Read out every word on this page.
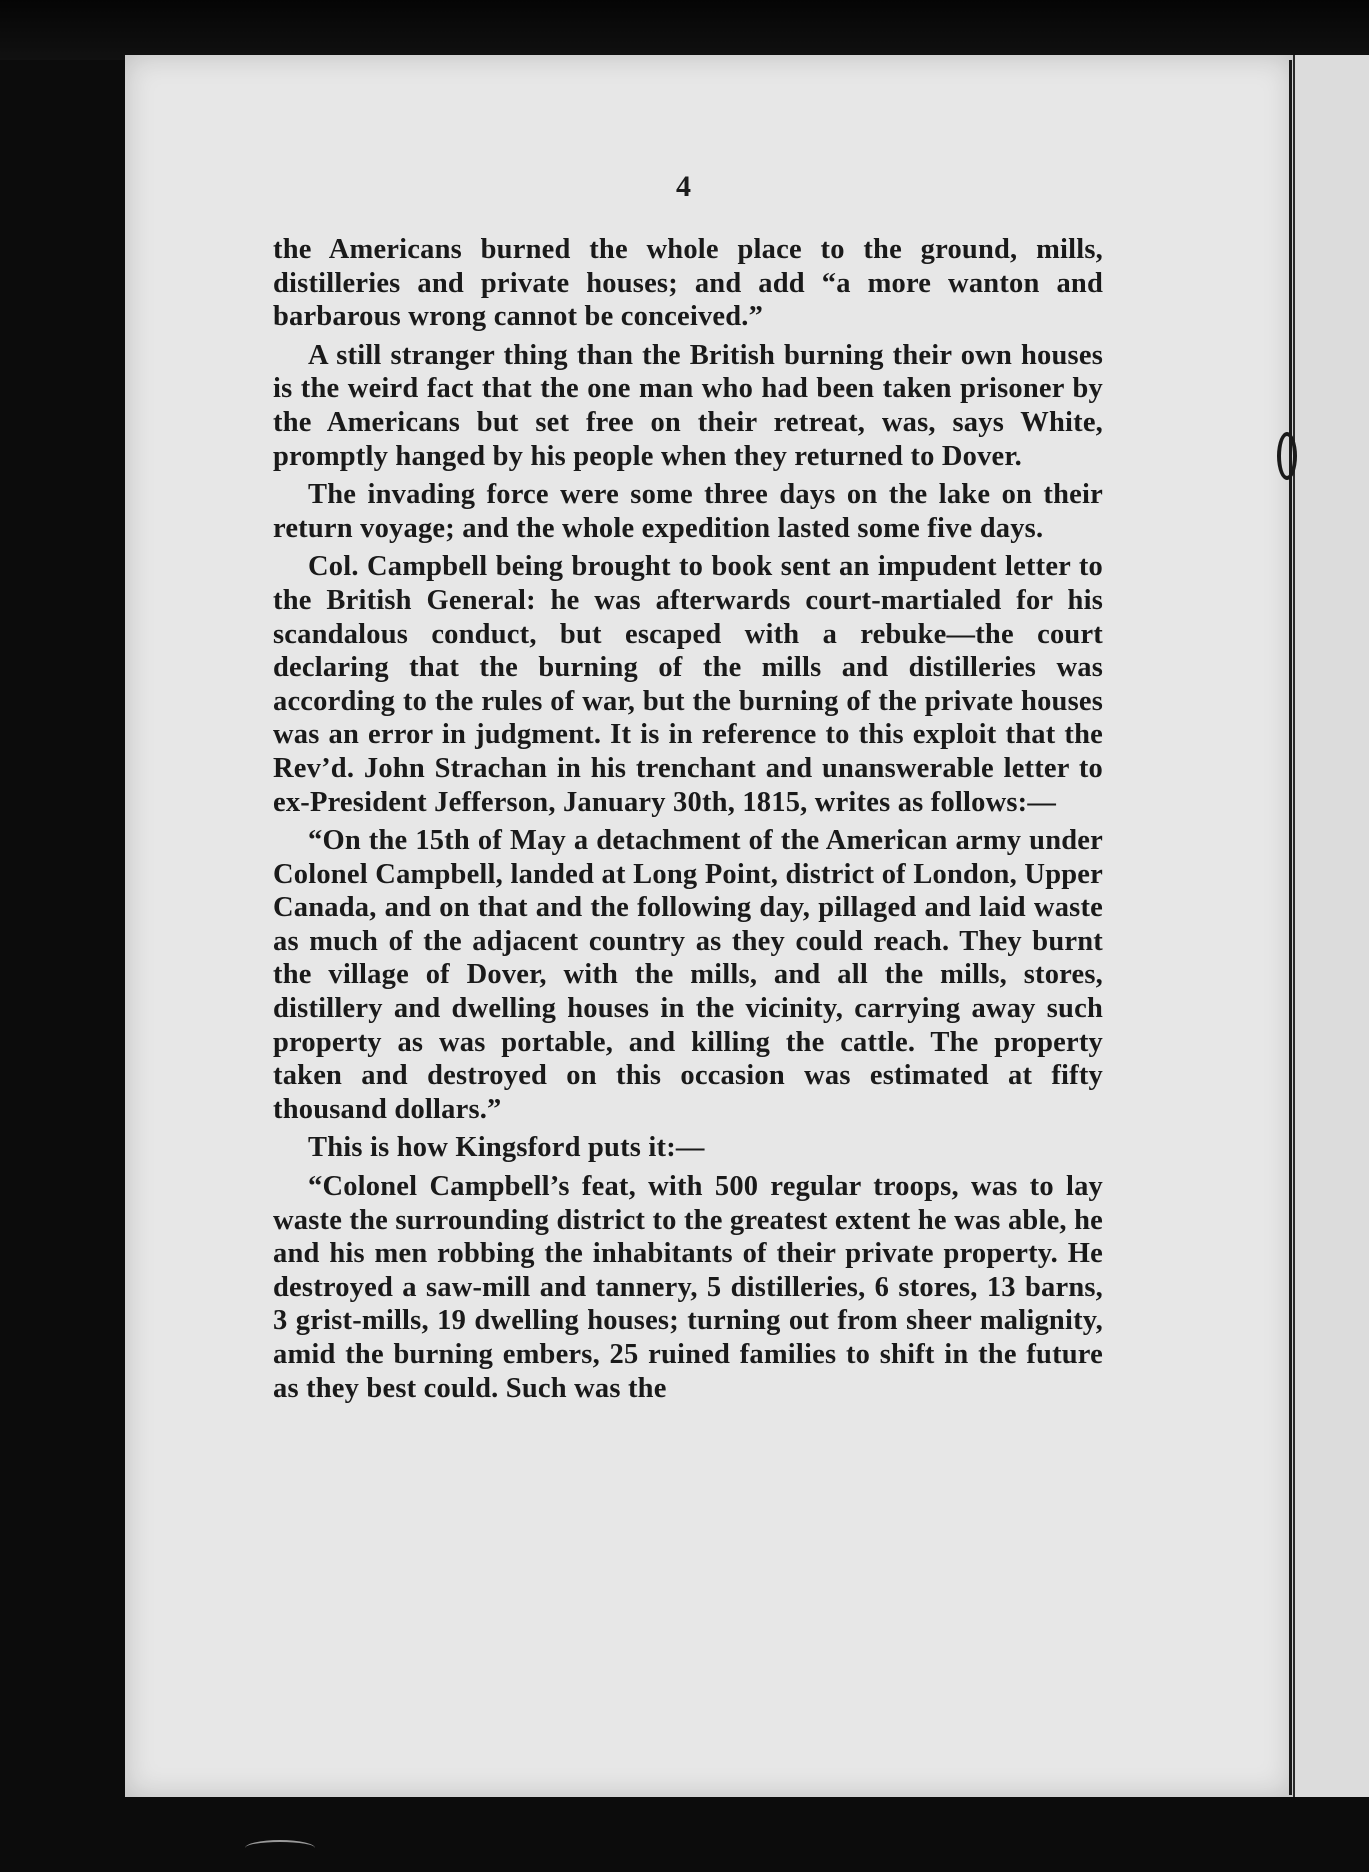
4

the Americans burned the whole place to the ground, mills, distilleries and private houses; and add “a more wanton and barbarous wrong cannot be conceived.”

A still stranger thing than the British burning their own houses is the weird fact that the one man who had been taken prisoner by the Americans but set free on their retreat, was, says White, promptly hanged by his people when they returned to Dover.

The invading force were some three days on the lake on their return voyage; and the whole expedition lasted some five days.

Col. Campbell being brought to book sent an impudent letter to the British General: he was afterwards court-martialed for his scandalous conduct, but escaped with a rebuke—the court declaring that the burning of the mills and distilleries was according to the rules of war, but the burning of the private houses was an error in judgment. It is in reference to this exploit that the Rev’d. John Strachan in his trenchant and unanswerable letter to ex-President Jefferson, January 30th, 1815, writes as follows:—

“On the 15th of May a detachment of the American army under Colonel Campbell, landed at Long Point, district of London, Upper Canada, and on that and the following day, pillaged and laid waste as much of the adjacent country as they could reach. They burnt the village of Dover, with the mills, and all the mills, stores, distillery and dwelling houses in the vicinity, carrying away such property as was portable, and killing the cattle. The property taken and destroyed on this occasion was estimated at fifty thousand dollars.”

This is how Kingsford puts it:—

“Colonel Campbell’s feat, with 500 regular troops, was to lay waste the surrounding district to the greatest extent he was able, he and his men robbing the inhabitants of their private property. He destroyed a saw-mill and tannery, 5 distilleries, 6 stores, 13 barns, 3 grist-mills, 19 dwelling houses; turning out from sheer malignity, amid the burning embers, 25 ruined families to shift in the future as they best could. Such was the
